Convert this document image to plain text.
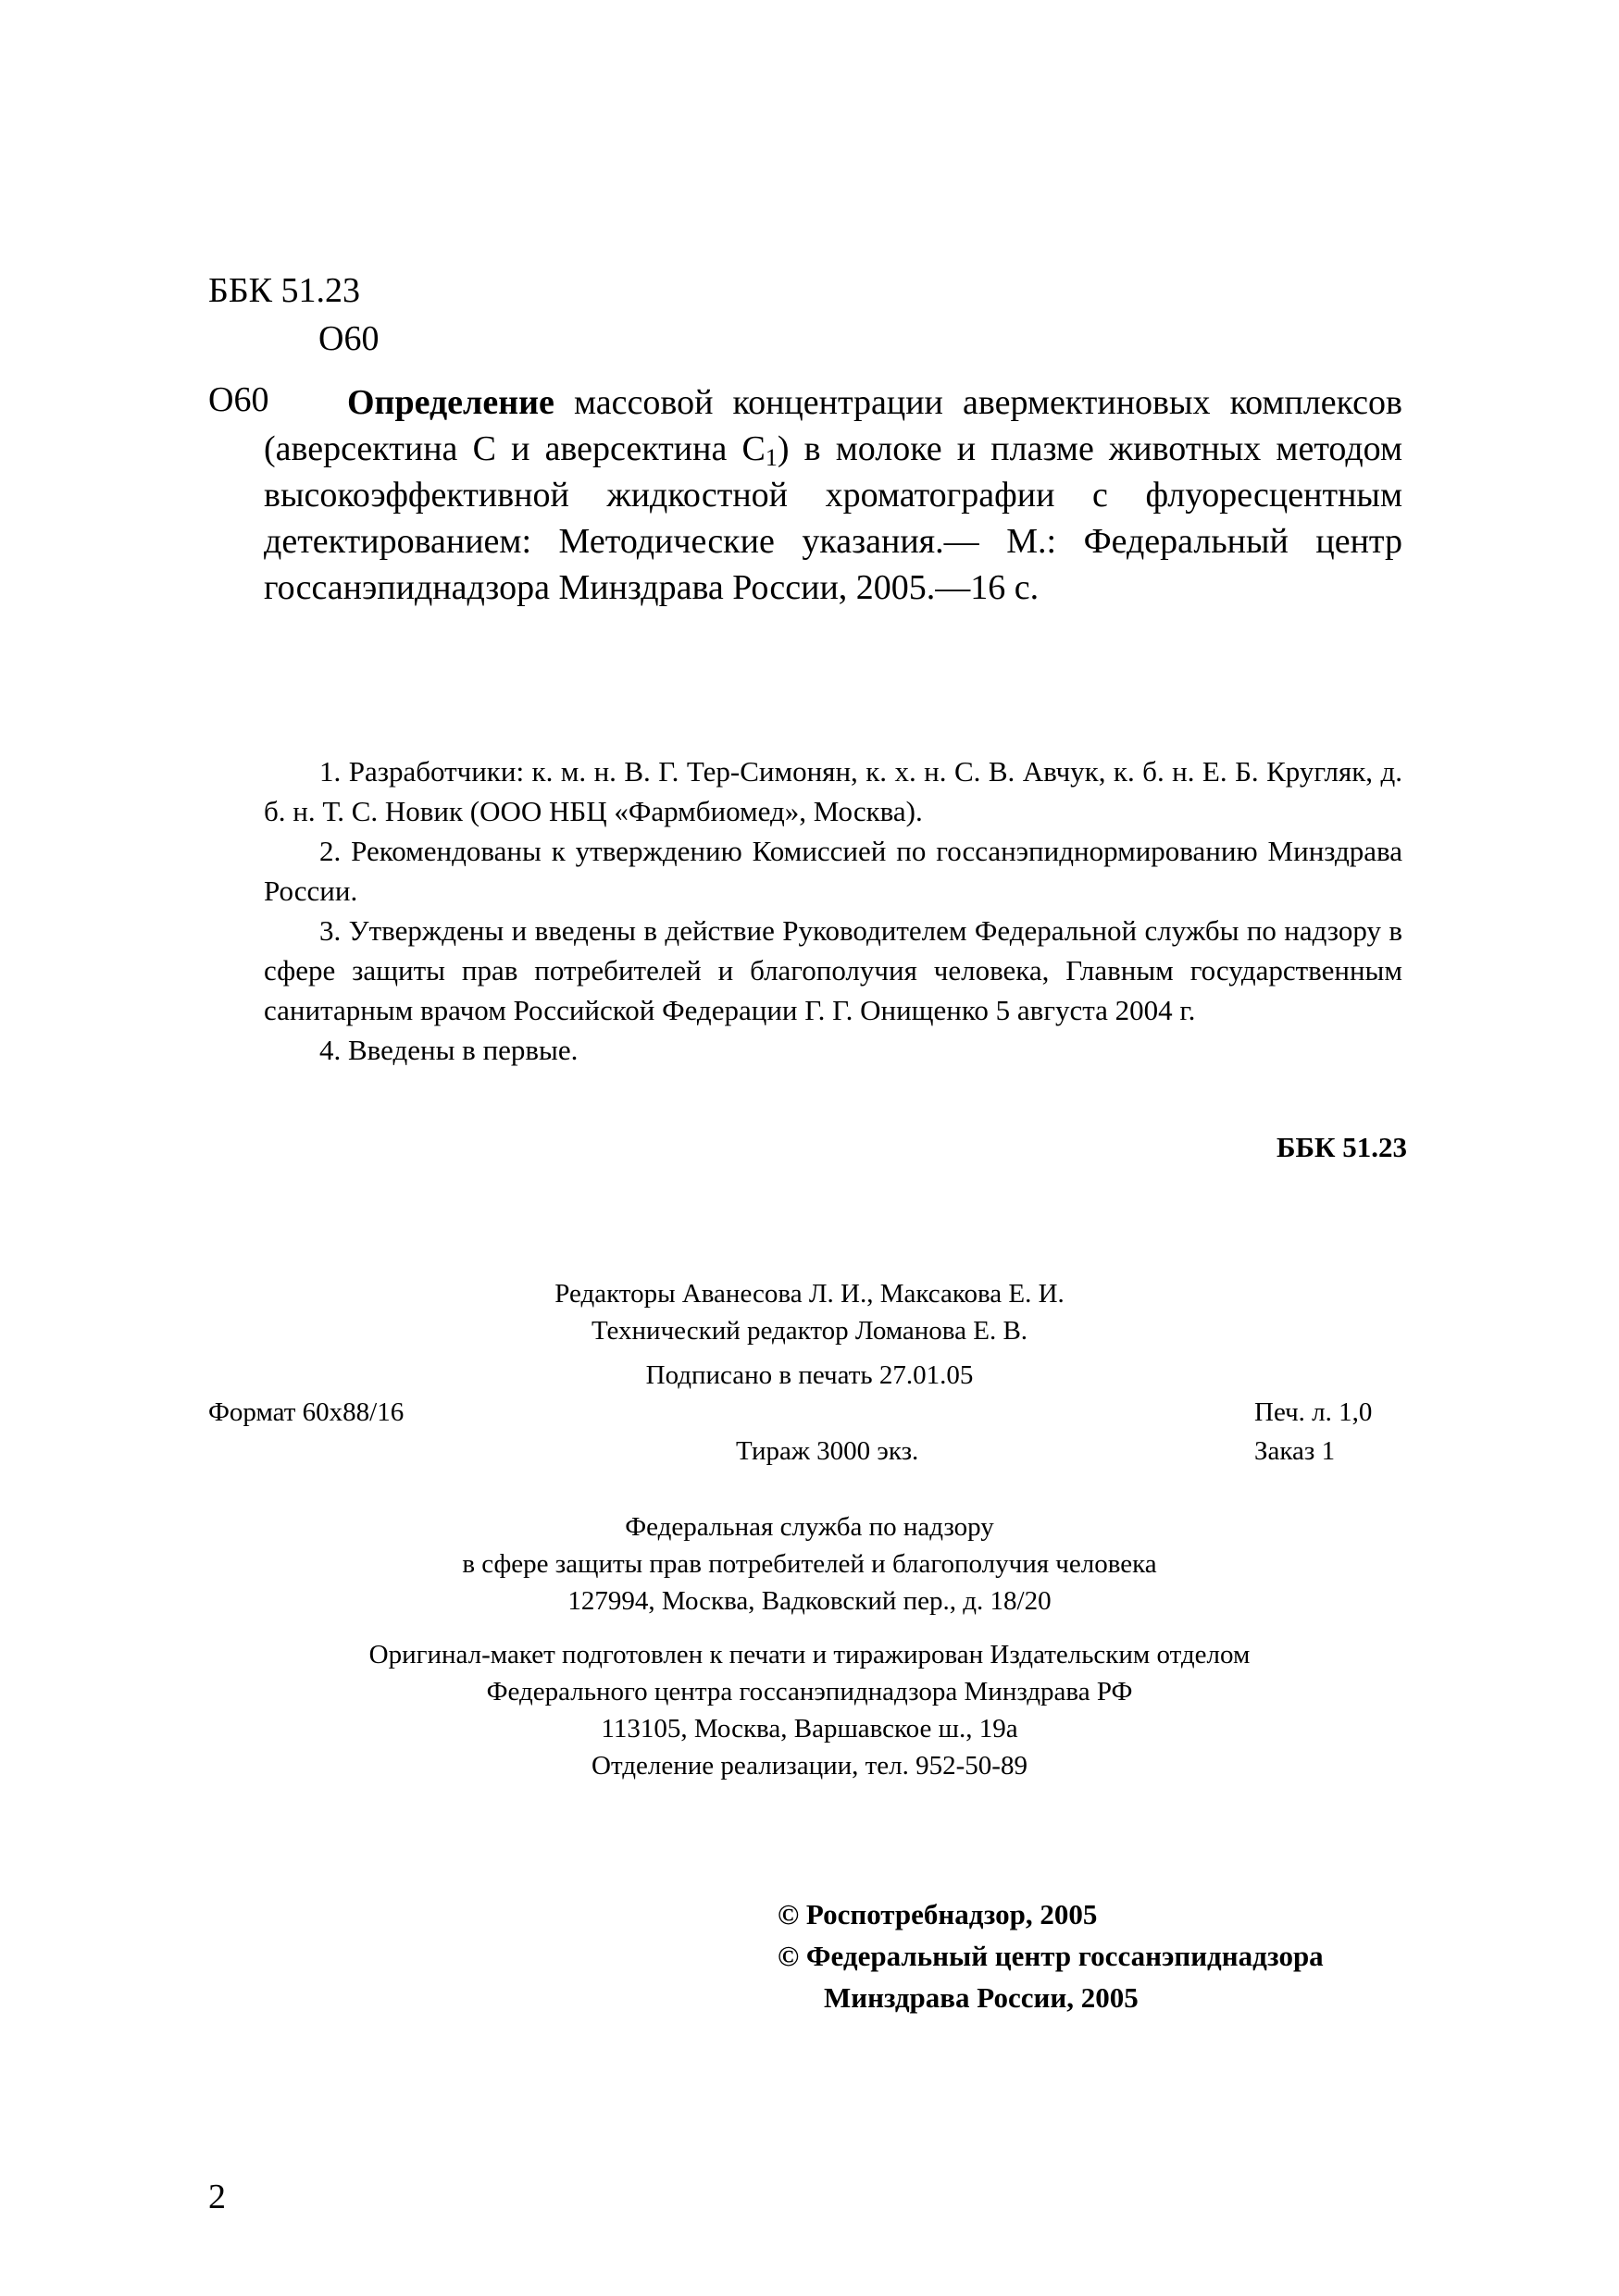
ББК 51.23
О60
О60	Определение массовой концентрации авермектиновых комплексов (аверсектина С и аверсектина $С_1$) в молоке и плазме животных методом высокоэффективной жидкостной хроматографии с флуоресцентным детектированием: Методические указания.— М.: Федеральный центр госсанэпиднадзора Минздрава России, 2005.—16 с.

1. Разработчики: к. м. н. В. Г. Тер-Симонян, к. х. н. С. В. Авчук, к. б. н. Е. Б. Кругляк, д. б. н. Т. С. Новик (ООО НБЦ «Фармбиомед», Москва).

2. Рекомендованы к утверждению Комиссией по госсанэпиднормированию Минздрава России.

3. Утверждены и введены в действие Руководителем Федеральной службы по надзору в сфере защиты прав потребителей и благополучия человека, Главным государственным санитарным врачом Российской Федерации Г. Г. Онищенко 5 августа 2004 г.

4. Введены в первые.

ББК 51.23
Редакторы Аванесова Л. И., Максакова Е. И.
Технический редактор Ломанова Е. В.
Подписано в печать 27.01.05
Формат 60x88/16	Печ. л. 1,0
Тираж 3000 экз.	Заказ 1
Федеральная служба по надзору
в сфере защиты прав потребителей и благополучия человека
127994, Москва, Вадковский пер., д. 18/20
Оригинал-макет подготовлен к печати и тиражирован Издательским отделом
Федерального центра госсанэпиднадзора Минздрава РФ
113105, Москва, Варшавское ш., 19а
Отделение реализации, тел. 952-50-89
© Роспотребнадзор, 2005
© Федеральный центр госсанэпиднадзора
Минздрава России, 2005
2
